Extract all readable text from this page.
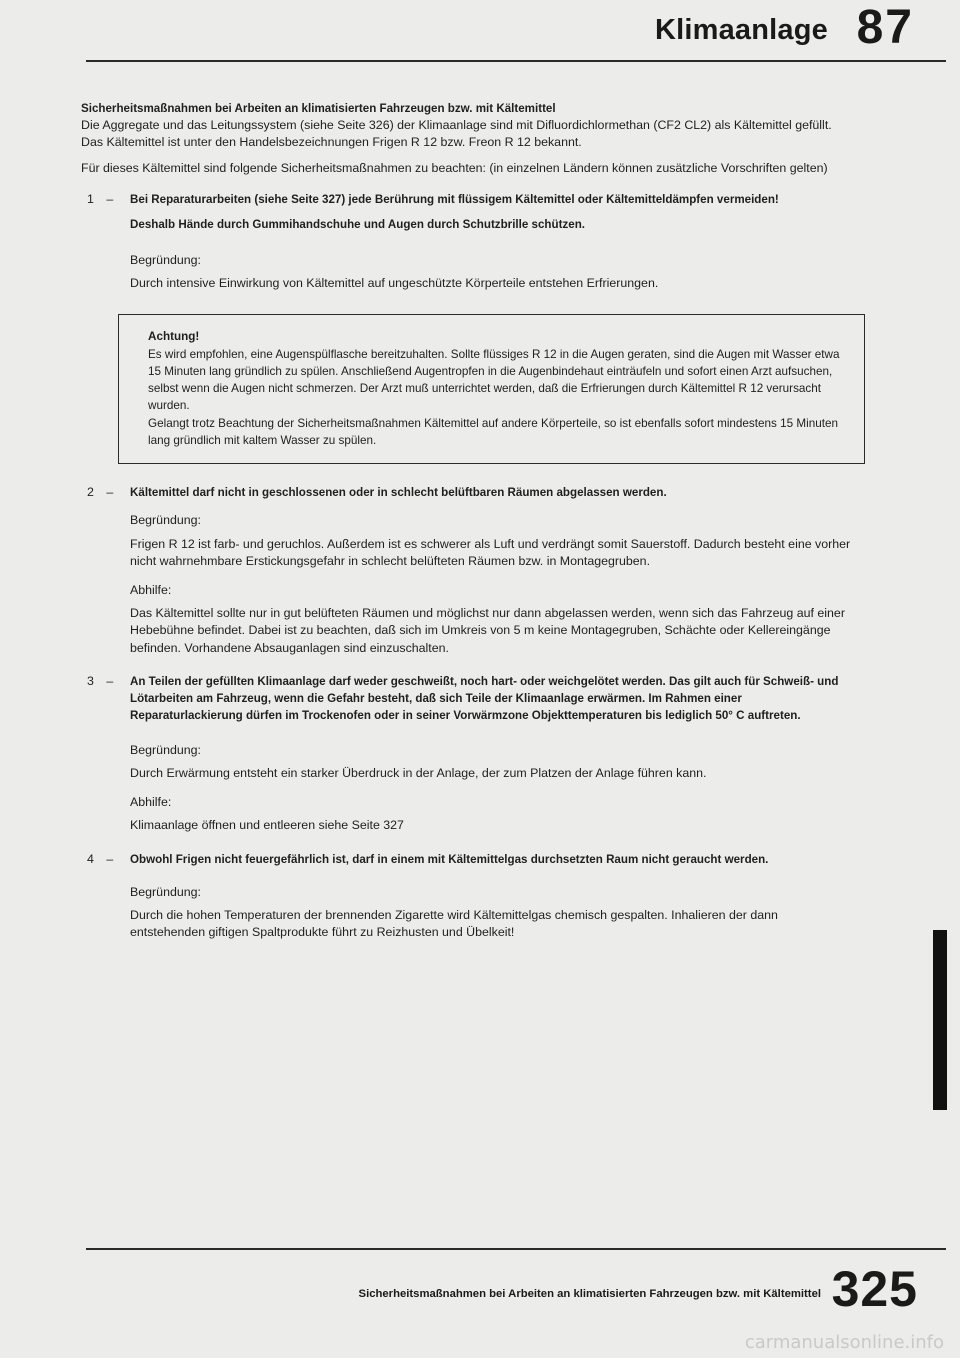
Klimaanlage 87

Sicherheitsmaßnahmen bei Arbeiten an klimatisierten Fahrzeugen bzw. mit Kältemittel

Die Aggregate und das Leitungssystem (siehe Seite 326) der Klimaanlage sind mit Difluordichlormethan (CF2 CL2) als Kältemittel gefüllt. Das Kältemittel ist unter den Handelsbezeichnungen Frigen R 12 bzw. Freon R 12 bekannt.

Für dieses Kältemittel sind folgende Sicherheitsmaßnahmen zu beachten: (in einzelnen Ländern können zusätzliche Vorschriften gelten)

1 – Bei Reparaturarbeiten (siehe Seite 327) jede Berührung mit flüssigem Kältemittel oder Kältemitteldämpfen vermeiden!

Deshalb Hände durch Gummihandschuhe und Augen durch Schutzbrille schützen.

Begründung:

Durch intensive Einwirkung von Kältemittel auf ungeschützte Körperteile entstehen Erfrierungen.

Achtung!

Es wird empfohlen, eine Augenspülflasche bereitzuhalten. Sollte flüssiges R 12 in die Augen geraten, sind die Augen mit Wasser etwa 15 Minuten lang gründlich zu spülen. Anschließend Augentropfen in die Augenbindehaut einträufeln und sofort einen Arzt aufsuchen, selbst wenn die Augen nicht schmerzen. Der Arzt muß unterrichtet werden, daß die Erfrierungen durch Kältemittel R 12 verursacht wurden.

Gelangt trotz Beachtung der Sicherheitsmaßnahmen Kältemittel auf andere Körperteile, so ist ebenfalls sofort mindestens 15 Minuten lang gründlich mit kaltem Wasser zu spülen.

2 – Kältemittel darf nicht in geschlossenen oder in schlecht belüftbaren Räumen abgelassen werden.

Begründung:

Frigen R 12 ist farb- und geruchlos. Außerdem ist es schwerer als Luft und verdrängt somit Sauerstoff. Dadurch besteht eine vorher nicht wahrnehmbare Erstickungsgefahr in schlecht belüfteten Räumen bzw. in Montagegruben.

Abhilfe:

Das Kältemittel sollte nur in gut belüfteten Räumen und möglichst nur dann abgelassen werden, wenn sich das Fahrzeug auf einer Hebebühne befindet. Dabei ist zu beachten, daß sich im Umkreis von 5 m keine Montagegruben, Schächte oder Kellereingänge befinden. Vorhandene Absauganlagen sind einzuschalten.

3 – An Teilen der gefüllten Klimaanlage darf weder geschweißt, noch hart- oder weichgelötet werden. Das gilt auch für Schweiß- und Lötarbeiten am Fahrzeug, wenn die Gefahr besteht, daß sich Teile der Klimaanlage erwärmen. Im Rahmen einer Reparaturlackierung dürfen im Trockenofen oder in seiner Vorwärmzone Objekttemperaturen bis lediglich 50° C auftreten.

Begründung:

Durch Erwärmung entsteht ein starker Überdruck in der Anlage, der zum Platzen der Anlage führen kann.

Abhilfe:

Klimaanlage öffnen und entleeren siehe Seite 327

4 – Obwohl Frigen nicht feuergefährlich ist, darf in einem mit Kältemittelgas durchsetzten Raum nicht geraucht werden.

Begründung:

Durch die hohen Temperaturen der brennenden Zigarette wird Kältemittelgas chemisch gespalten. Inhalieren der dann entstehenden giftigen Spaltprodukte führt zu Reizhusten und Übelkeit!

Sicherheitsmaßnahmen bei Arbeiten an klimatisierten Fahrzeugen bzw. mit Kältemittel 325
carmanualsonline.info
